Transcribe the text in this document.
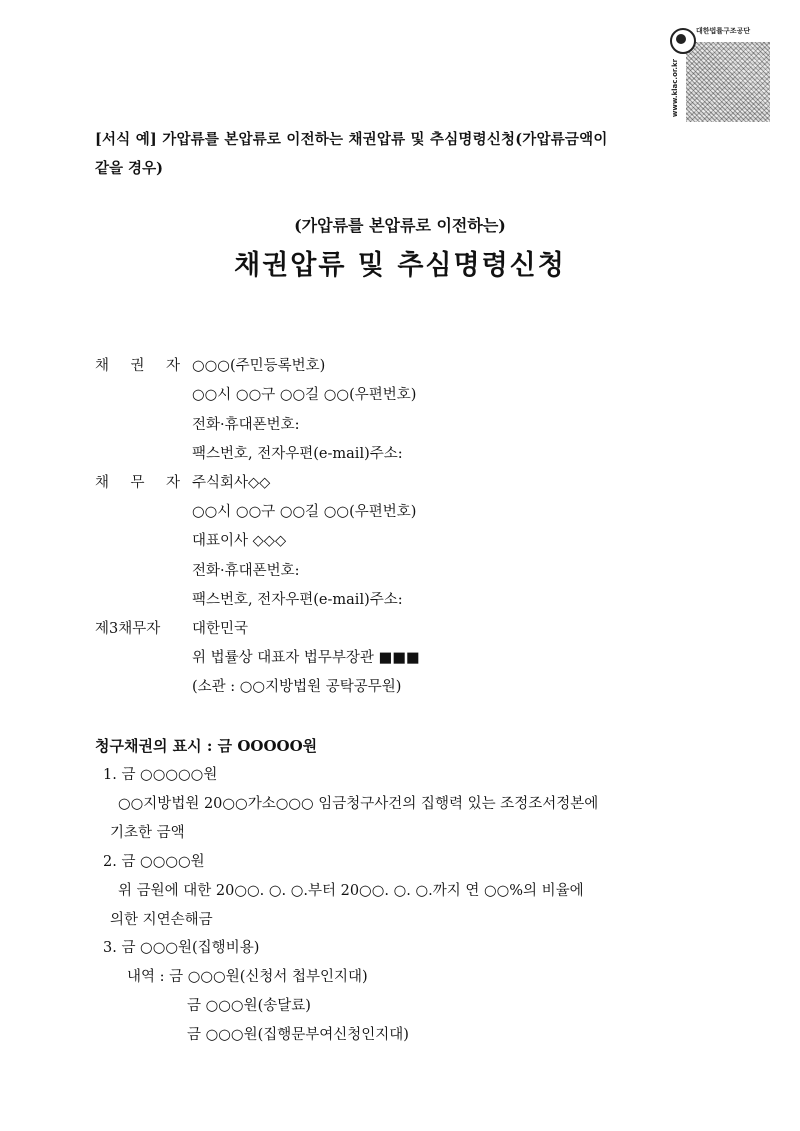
대한법률구조공단
www.klac.or.kr
[서식 예] 가압류를 본압류로 이전하는 채권압류 및 추심명령신청(가압류금액이
같을 경우)
(가압류를 본압류로 이전하는)
채권압류 및 추심명령신청
채 권 자 ○○○(주민등록번호)
○○시 ○○구 ○○길 ○○(우편번호)
전화·휴대폰번호:
팩스번호, 전자우편(e-mail)주소:
채 무 자 주식회사◇◇
○○시 ○○구 ○○길 ○○(우편번호)
대표이사 ◇◇◇
전화·휴대폰번호:
팩스번호, 전자우편(e-mail)주소:
제3채무자 대한민국
위 법률상 대표자 법무부장관 ■■■
(소관 : ○○지방법원 공탁공무원)
청구채권의 표시 : 금 OOOOO원
1. 금 ○○○○○원
○○지방법원 20○○가소○○○ 임금청구사건의 집행력 있는 조정조서정본에
기초한 금액
2. 금 ○○○○원
위 금원에 대한 20○○. ○. ○.부터 20○○. ○. ○.까지 연 ○○%의 비율에
의한 지연손해금
3. 금 ○○○원(집행비용)
내역 : 금 ○○○원(신청서 첩부인지대)
금 ○○○원(송달료)
금 ○○○원(집행문부여신청인지대)
